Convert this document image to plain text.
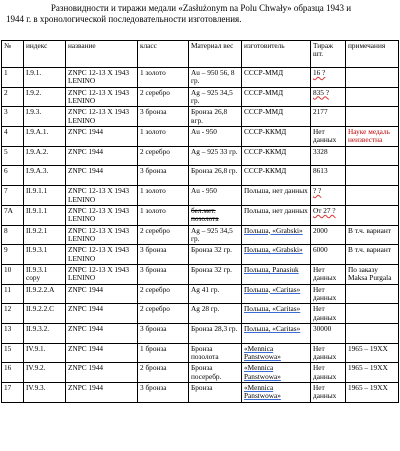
Разновидности и тиражи медали «Zasłużonym na Polu Chwały» образца 1943 и
1944 г. в хронологической последовательности изготовления.
№	индекс	название	класс	Материал вес	изготовитель	Тираж шт.	примечания
1	I.9.1.	ZNPC 12-13 X 1943 LENINO	1 золото	Au – 950 56, 8 гр.	СССР-ММД	16 ?	
2	I.9.2.	ZNPC 12-13 X 1943 LENINO	2 серебро	Ag – 925 34,5 гр.	СССР-ММД	835 ?	
3	I.9.3.	ZNPC 12-13 X 1943 LENINO	3 бронза	Бронза 26,8 вгр.	СССР-ММД	2177	
4	I.9.A.1.	ZNPC 1944	1 золото	Au - 950	СССР-ККМД	Нет данных	Науке медаль неизвестна
5	I.9.A.2.	ZNPC 1944	2 серебро	Ag – 925 33 гр.	СССР-ККМД	3328	
6	I.9.A.3.	ZNPC 1944	3 бронза	Бронза 26,8 гр.	СССР-ККМД	8613	
7	II.9.1.1	ZNPC 12-13 X 1943 LENINO	1 золото	Au - 950	Польша, нет данных	? ?	
7A	II.9.1.1	ZNPC 12-13 X 1943 LENINO	1 золото	бел.мет. позолота	Польша, нет данных	От 27 ?	
8	II.9.2.1	ZNPC 12-13 X 1943 LENINO	2 серебро	Ag – 925 34,5 гр.	Польша, «Grabski»	2000	В т.ч. вариант
9	II.9.3.1	ZNPC 12-13 X 1943 LENINO	3 бронза	Бронза 32 гр.	Польша, «Grabski»	6000	В т.ч. вариант
10	II.9.3.1 copy	ZNPC 12-13 X 1943 LENINO	3 бронза	Бронза 32 гр.	Польша, Panasiuk	Нет данных	По заказу Maksa Purgala
11	II.9.2.2.A	ZNPC 1944	2 серебро	Ag 41 гр.	Польша, «Caritas»	Нет данных	
12	II.9.2.2.C	ZNPC 1944	2 серебро	Ag 28 гр.	Польша, «Caritas»	Нет данных	
13	II.9.3.2.	ZNPC 1944	3 бронза	Бронза 28,3 гр.	Польша, «Caritas»	30000	
15	IV.9.1.	ZNPC 1944	1 бронза	Бронза позолота	«Mennica Panstwowa»	Нет данных	1965 – 19XX
16	IV.9.2.	ZNPC 1944	2 бронза	Бронза посеребр.	«Mennica Panstwowa»	Нет данных	1965 – 19XX
17	IV.9.3.	ZNPC 1944	3 бронза	Бронза	«Mennica Panstwowa»	Нет данных	1965 – 19XX
